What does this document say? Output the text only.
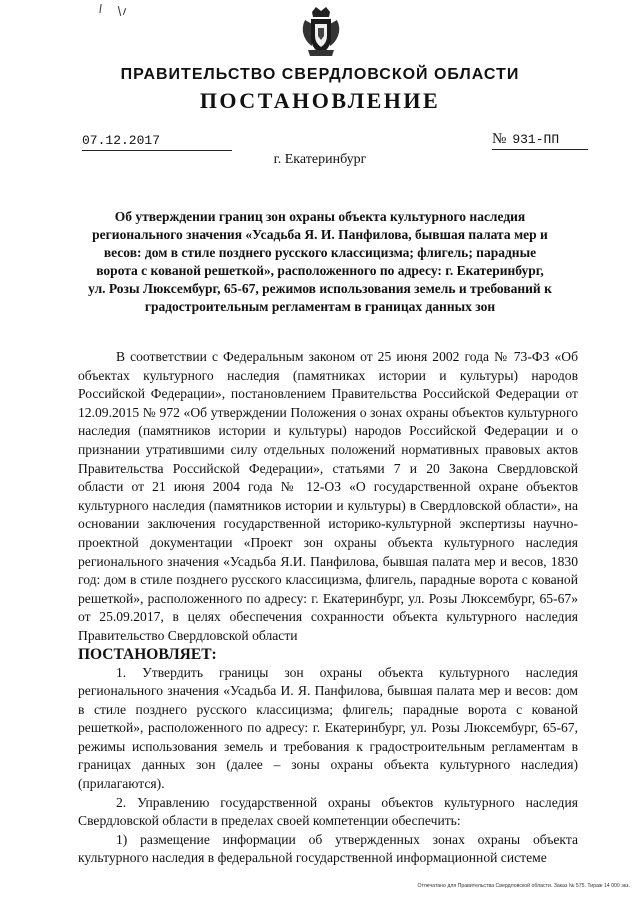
ПРАВИТЕЛЬСТВО СВЕРДЛОВСКОЙ ОБЛАСТИ
ПОСТАНОВЛЕНИЕ
07.12.2017	№ 931-ПП
г. Екатеринбург
Об утверждении границ зон охраны объекта культурного наследия регионального значения «Усадьба Я. И. Панфилова, бывшая палата мер и весов: дом в стиле позднего русского классицизма; флигель; парадные ворота с кованой решеткой», расположенного по адресу: г. Екатеринбург, ул. Розы Люксембург, 65-67, режимов использования земель и требований к градостроительным регламентам в границах данных зон

В соответствии с Федеральным законом от 25 июня 2002 года № 73-ФЗ «Об объектах культурного наследия (памятниках истории и культуры) народов Российской Федерации», постановлением Правительства Российской Федерации от 12.09.2015 № 972 «Об утверждении Положения о зонах охраны объектов культурного наследия (памятников истории и культуры) народов Российской Федерации и о признании утратившими силу отдельных положений нормативных правовых актов Правительства Российской Федерации», статьями 7 и 20 Закона Свердловской области от 21 июня 2004 года № 12-ОЗ «О государственной охране объектов культурного наследия (памятников истории и культуры) в Свердловской области», на основании заключения государственной историко-культурной экспертизы научно-проектной документации «Проект зон охраны объекта культурного наследия регионального значения «Усадьба Я.И. Панфилова, бывшая палата мер и весов, 1830 год: дом в стиле позднего русского классицизма, флигель, парадные ворота с кованой решеткой», расположенного по адресу: г. Екатеринбург, ул. Розы Люксембург, 65-67» от 25.09.2017, в целях обеспечения сохранности объекта культурного наследия Правительство Свердловской области

ПОСТАНОВЛЯЕТ:

1. Утвердить границы зон охраны объекта культурного наследия регионального значения «Усадьба И. Я. Панфилова, бывшая палата мер и весов: дом в стиле позднего русского классицизма; флигель; парадные ворота с кованой решеткой», расположенного по адресу: г. Екатеринбург, ул. Розы Люксембург, 65-67, режимы использования земель и требования к градостроительным регламентам в границах данных зон (далее – зоны охраны объекта культурного наследия) (прилагаются).

2. Управлению государственной охраны объектов культурного наследия Свердловской области в пределах своей компетенции обеспечить:

1) размещение информации об утвержденных зонах охраны объекта культурного наследия в федеральной государственной информационной системе

Отпечатано для Правительства Свердловской области. Заказ № 575. Тираж 14 000 экз.
